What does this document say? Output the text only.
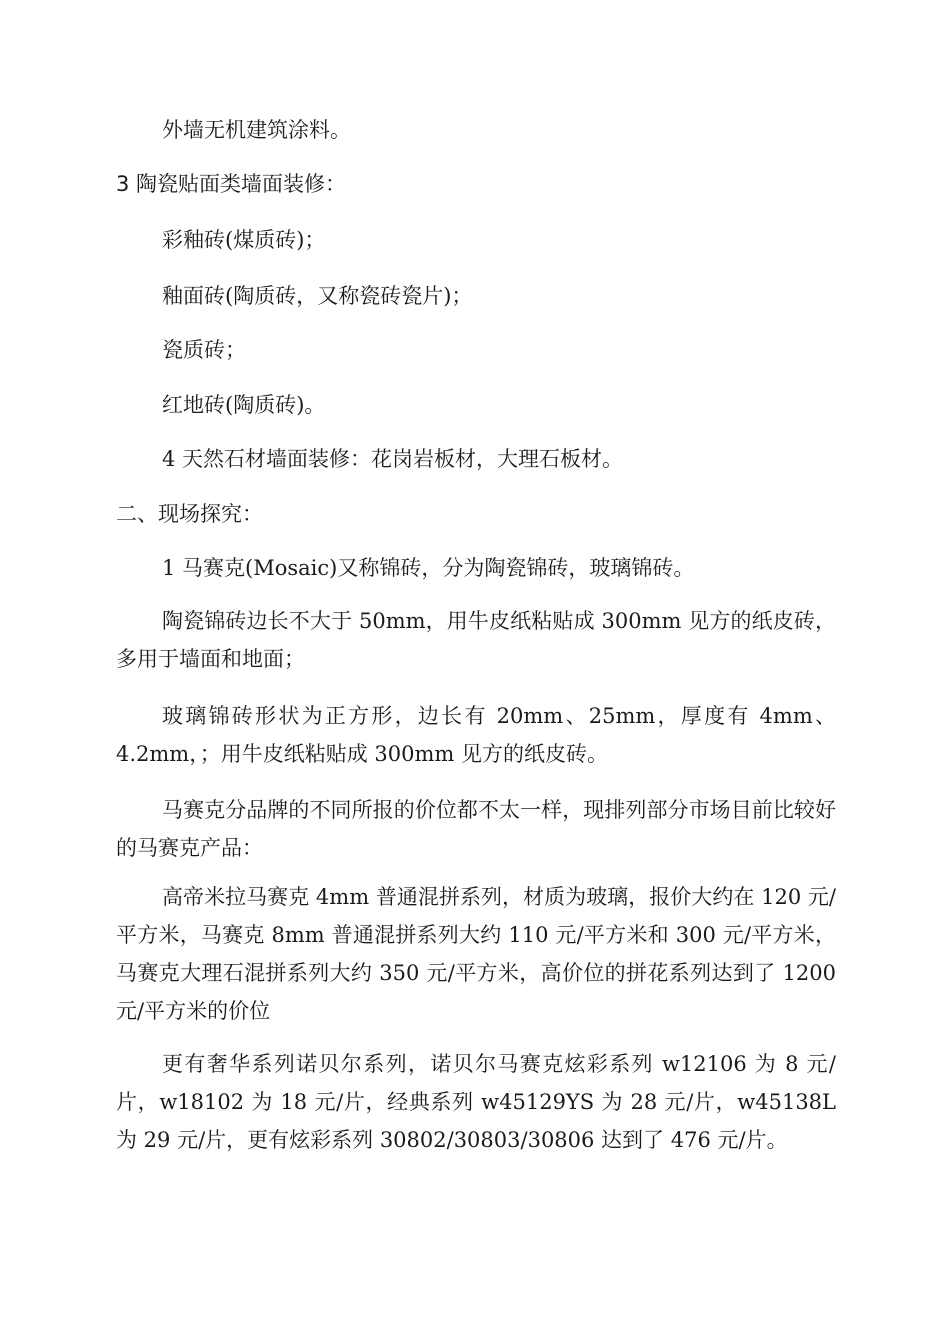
外墙无机建筑涂料。
3 陶瓷贴面类墙面装修：
彩釉砖(煤质砖)；
釉面砖(陶质砖，又称瓷砖瓷片)；
瓷质砖；
红地砖(陶质砖)。
4 天然石材墙面装修：花岗岩板材，大理石板材。
二、现场探究：
1 马赛克(Mosaic)又称锦砖，分为陶瓷锦砖，玻璃锦砖。
陶瓷锦砖边长不大于 50mm，用牛皮纸粘贴成 300mm 见方的纸皮砖，多用于墙面和地面；
玻璃锦砖形状为正方形，边长有 20mm、25mm，厚度有 4mm、4.2mm，；用牛皮纸粘贴成 300mm 见方的纸皮砖。
马赛克分品牌的不同所报的价位都不太一样，现排列部分市场目前比较好的马赛克产品：
高帝米拉马赛克 4mm 普通混拼系列，材质为玻璃，报价大约在 120 元/平方米，马赛克 8mm 普通混拼系列大约 110 元/平方米和 300 元/平方米，马赛克大理石混拼系列大约 350 元/平方米，高价位的拼花系列达到了 1200 元/平方米的价位
更有奢华系列诺贝尔系列，诺贝尔马赛克炫彩系列 w12106 为 8 元/片，w18102 为 18 元/片，经典系列 w45129YS 为 28 元/片，w45138L 为 29 元/片，更有炫彩系列 30802/30803/30806 达到了 476 元/片。
